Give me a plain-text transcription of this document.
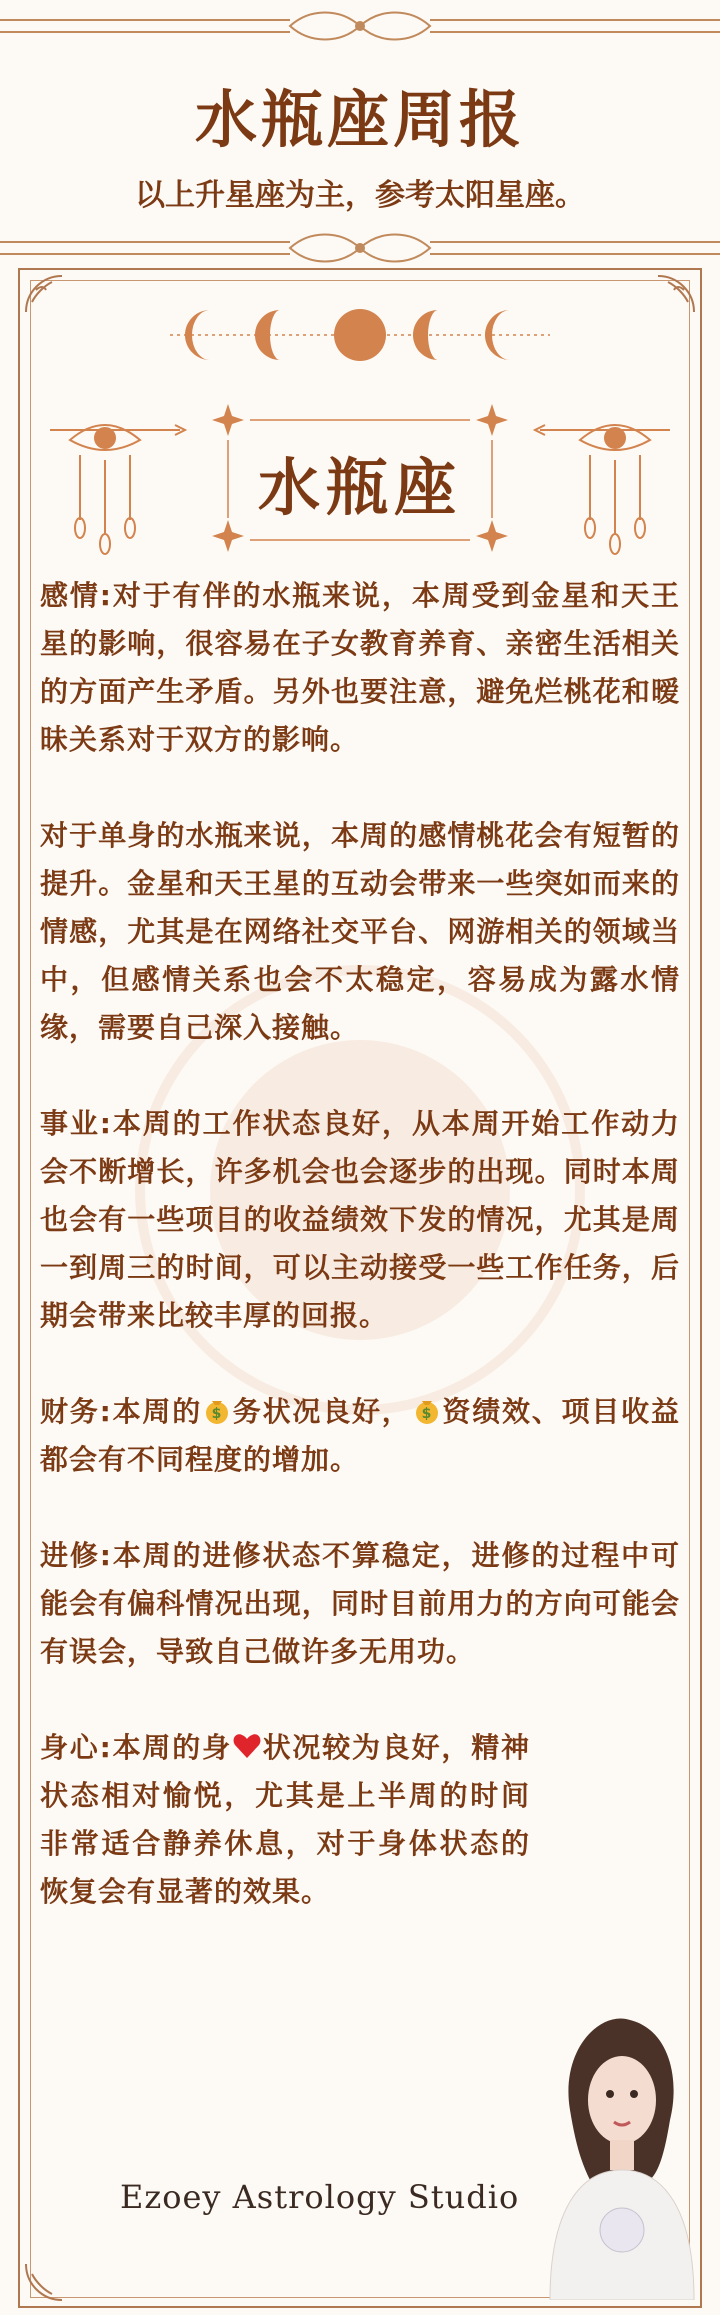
水瓶座周报
以上升星座为主，参考太阳星座。
水瓶座

感情:对于有伴的水瓶来说，本周受到金星和天王星的影响，很容易在子女教育养育、亲密生活相关的方面产生矛盾。另外也要注意，避免烂桃花和暧昧关系对于双方的影响。

对于单身的水瓶来说，本周的感情桃花会有短暂的提升。金星和天王星的互动会带来一些突如而来的情感，尤其是在网络社交平台、网游相关的领域当中，但感情关系也会不太稳定，容易成为露水情缘，需要自己深入接触。

事业:本周的工作状态良好，从本周开始工作动力会不断增长，许多机会也会逐步的出现。同时本周也会有一些项目的收益绩效下发的情况，尤其是周一到周三的时间，可以主动接受一些工作任务，后期会带来比较丰厚的回报。

财务:本周的 $ 务状况良好， $ 资绩效、项目收益都会有不同程度的增加。

进修:本周的进修状态不算稳定，进修的过程中可能会有偏科情况出现，同时目前用力的方向可能会有误会，导致自己做许多无用功。

身心:本周的身 状况较为良好，精神状态相对愉悦，尤其是上半周的时间非常适合静养休息，对于身体状态的恢复会有显著的效果。

Ezoey Astrology Studio
